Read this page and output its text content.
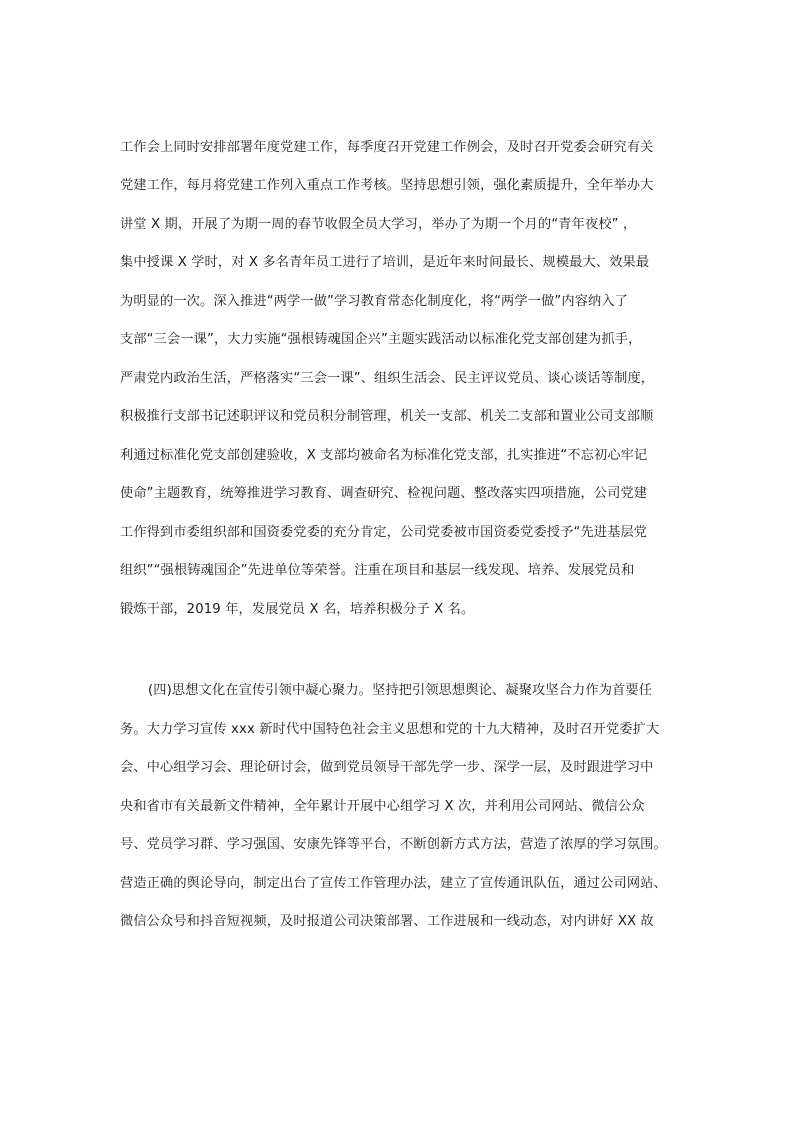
工作会上同时安排部署年度党建工作，每季度召开党建工作例会，及时召开党委会研究有关
党建工作，每月将党建工作列入重点工作考核。坚持思想引领，强化素质提升，全年举办大
讲堂 X 期，开展了为期一周的春节收假全员大学习，举办了为期一个月的“青年夜校” ，
集中授课 X 学时，对 X 多名青年员工进行了培训，是近年来时间最长、规模最大、效果最
为明显的一次。深入推进“两学一做”学习教育常态化制度化，将“两学一做”内容纳入了
支部“三会一课”，大力实施“强根铸魂国企兴”主题实践活动以标准化党支部创建为抓手，
严肃党内政治生活，严格落实“三会一课”、组织生活会、民主评议党员、谈心谈话等制度，
积极推行支部书记述职评议和党员积分制管理，机关一支部、机关二支部和置业公司支部顺
利通过标准化党支部创建验收，X 支部均被命名为标准化党支部，扎实推进“不忘初心牢记
使命”主题教育，统筹推进学习教育、调查研究、检视问题、整改落实四项措施，公司党建
工作得到市委组织部和国资委党委的充分肯定，公司党委被市国资委党委授予“先进基层党
组织”“强根铸魂国企”先进单位等荣誉。注重在项目和基层一线发现、培养、发展党员和
锻炼干部，2019 年，发展党员 X 名，培养积极分子 X 名。
(四)思想文化在宣传引领中凝心聚力。坚持把引领思想舆论、凝聚攻坚合力作为首要任
务。大力学习宣传 xxx 新时代中国特色社会主义思想和党的十九大精神，及时召开党委扩大
会、中心组学习会、理论研讨会，做到党员领导干部先学一步、深学一层，及时跟进学习中
央和省市有关最新文件精神，全年累计开展中心组学习 X 次，并利用公司网站、微信公众
号、党员学习群、学习强国、安康先锋等平台，不断创新方式方法，营造了浓厚的学习氛围。
营造正确的舆论导向，制定出台了宣传工作管理办法，建立了宣传通讯队伍，通过公司网站、
微信公众号和抖音短视频，及时报道公司决策部署、工作进展和一线动态，对内讲好 XX 故
